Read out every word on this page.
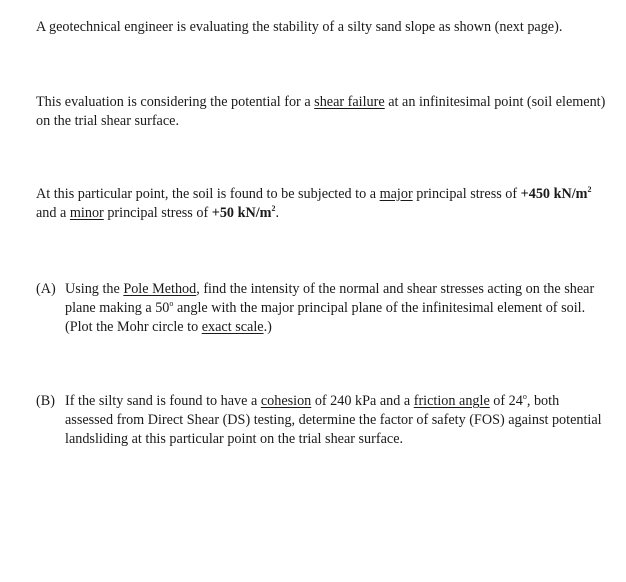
A geotechnical engineer is evaluating the stability of a silty sand slope as shown (next page).

This evaluation is considering the potential for a shear failure at an infinitesimal point (soil element) on the trial shear surface.

At this particular point, the soil is found to be subjected to a major principal stress of +450 $kN/m^2$ and a minor principal stress of +50 $kN/m^2$.

(A) Using the Pole Method, find the intensity of the normal and shear stresses acting on the shear plane making a 50$^o$ angle with the major principal plane of the infinitesimal element of soil. (Plot the Mohr circle to exact scale.)
(B) If the silty sand is found to have a cohesion of 240 kPa and a friction angle of 24$^o$, both assessed from Direct Shear (DS) testing, determine the factor of safety (FOS) against potential landsliding at this particular point on the trial shear surface.
